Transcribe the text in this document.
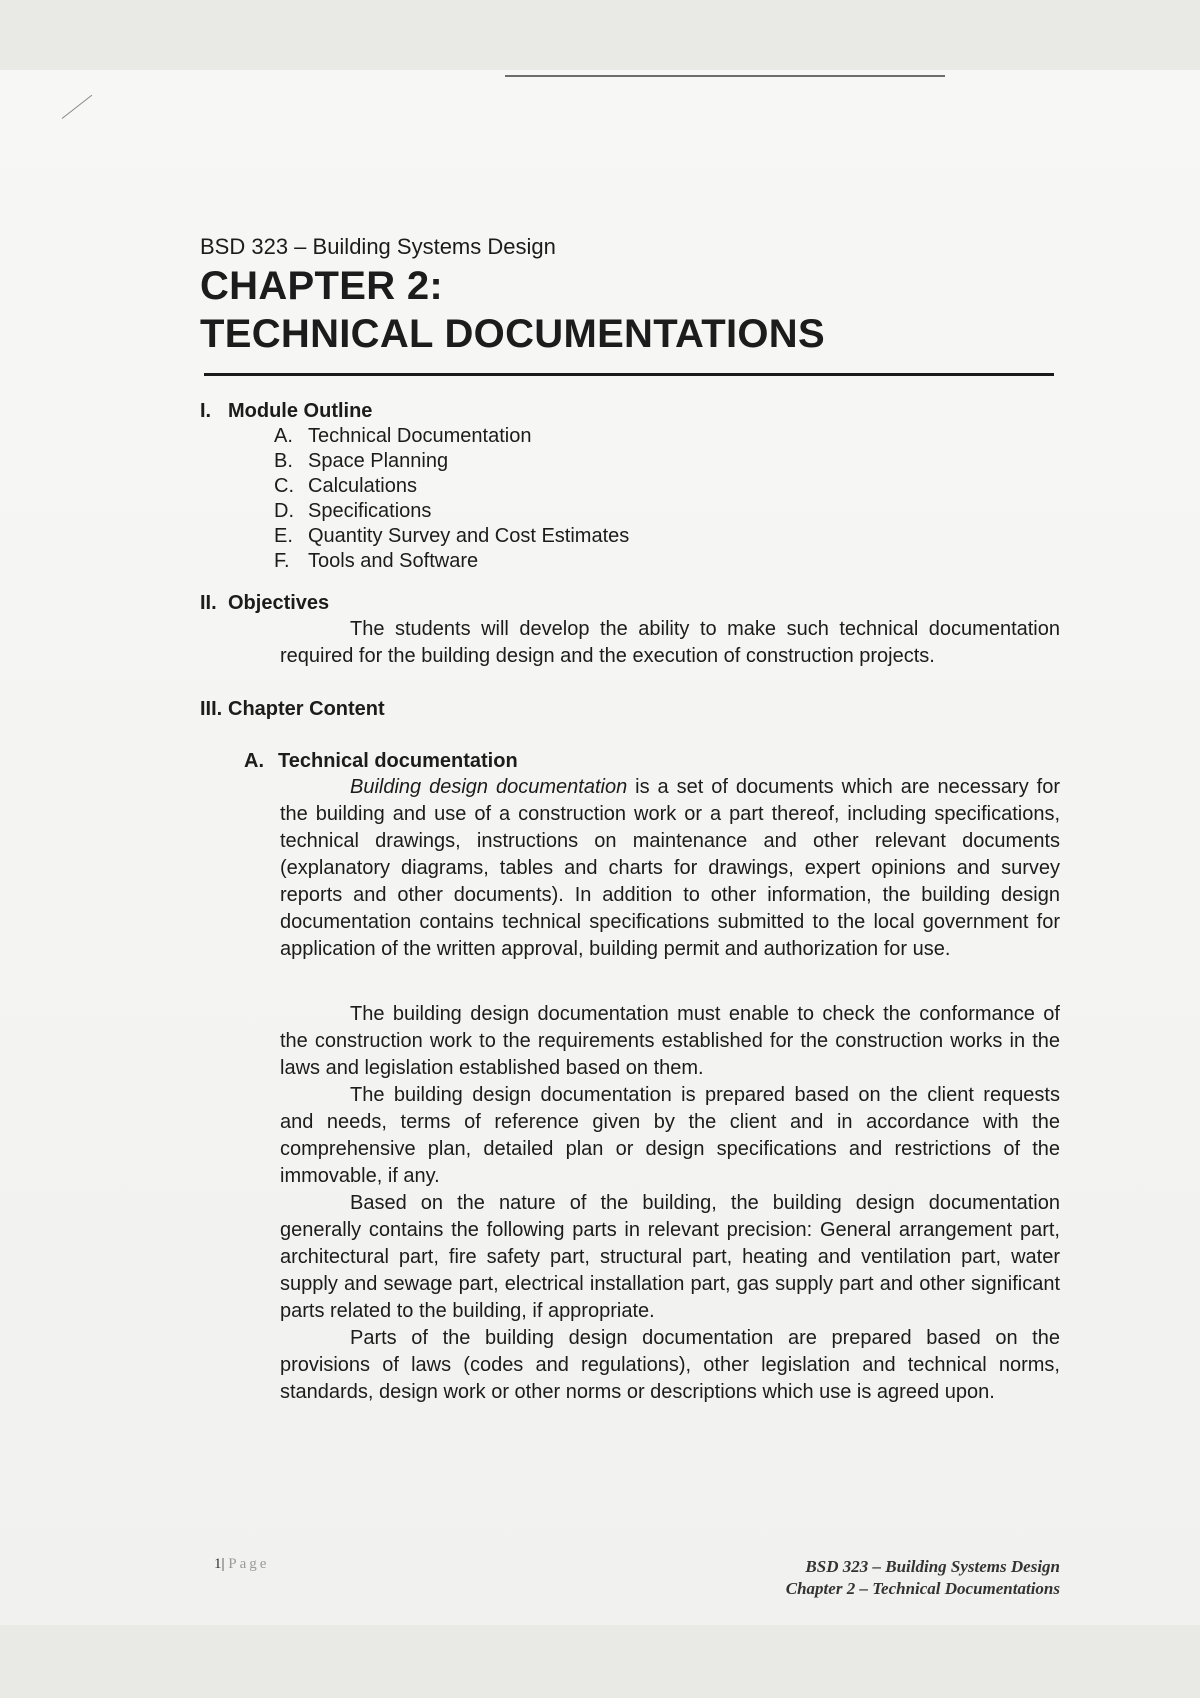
BSD 323 – Building Systems Design

CHAPTER 2:
TECHNICAL DOCUMENTATIONS

I. Module Outline

A. Technical Documentation
B. Space Planning
C. Calculations
D. Specifications
E. Quantity Survey and Cost Estimates
F. Tools and Software

II. Objectives

The students will develop the ability to make such technical documentation required for the building design and the execution of construction projects.

III. Chapter Content

A. Technical documentation

Building design documentation is a set of documents which are necessary for the building and use of a construction work or a part thereof, including specifications, technical drawings, instructions on maintenance and other relevant documents (explanatory diagrams, tables and charts for drawings, expert opinions and survey reports and other documents). In addition to other information, the building design documentation contains technical specifications submitted to the local government for application of the written approval, building permit and authorization for use.

The building design documentation must enable to check the conformance of the construction work to the requirements established for the construction works in the laws and legislation established based on them.

The building design documentation is prepared based on the client requests and needs, terms of reference given by the client and in accordance with the comprehensive plan, detailed plan or design specifications and restrictions of the immovable, if any.

Based on the nature of the building, the building design documentation generally contains the following parts in relevant precision: General arrangement part, architectural part, fire safety part, structural part, heating and ventilation part, water supply and sewage part, electrical installation part, gas supply part and other significant parts related to the building, if appropriate.

Parts of the building design documentation are prepared based on the provisions of laws (codes and regulations), other legislation and technical norms, standards, design work or other norms or descriptions which use is agreed upon.

1| Page	BSD 323 – Building Systems Design
Chapter 2 – Technical Documentations
